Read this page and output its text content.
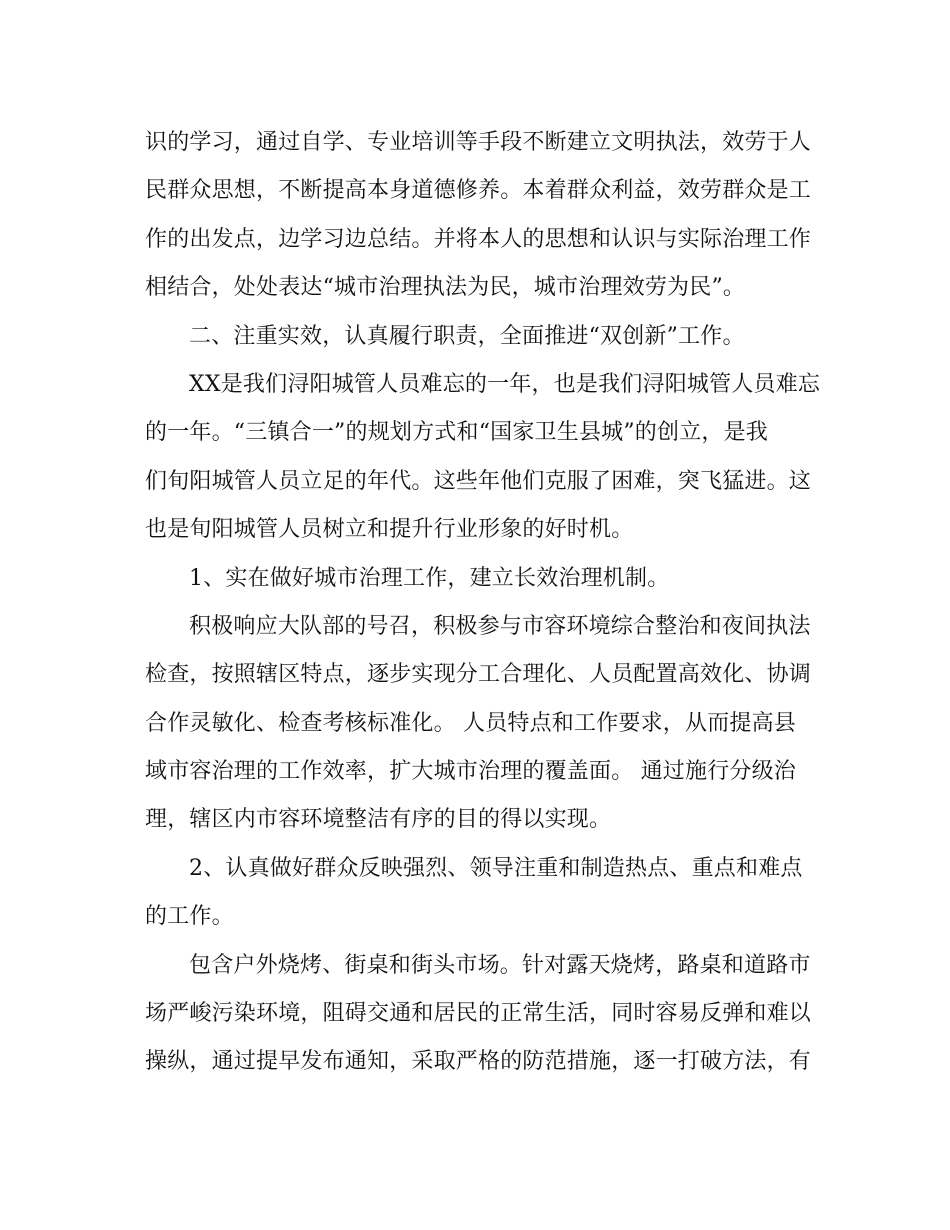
识的学习，通过自学、专业培训等手段不断建立文明执法，效劳于人
民群众思想，不断提高本身道德修养。本着群众利益，效劳群众是工
作的出发点，边学习边总结。并将本人的思想和认识与实际治理工作
相结合，处处表达“城市治理执法为民，城市治理效劳为民”。
二、注重实效，认真履行职责，全面推进“双创新”工作。
XX是我们浔阳城管人员难忘的一年，也是我们浔阳城管人员难忘
的一年。“三镇合一”的规划方式和“国家卫生县城”的创立，是我
们旬阳城管人员立足的年代。这些年他们克服了困难，突飞猛进。这
也是旬阳城管人员树立和提升行业形象的好时机。
1、实在做好城市治理工作，建立长效治理机制。
积极响应大队部的号召，积极参与市容环境综合整治和夜间执法
检查，按照辖区特点，逐步实现分工合理化、人员配置高效化、协调
合作灵敏化、检查考核标准化。 人员特点和工作要求，从而提高县
域市容治理的工作效率，扩大城市治理的覆盖面。 通过施行分级治
理，辖区内市容环境整洁有序的目的得以实现。
2、认真做好群众反映强烈、领导注重和制造热点、重点和难点
的工作。
包含户外烧烤、街桌和街头市场。针对露天烧烤，路桌和道路市
场严峻污染环境，阻碍交通和居民的正常生活，同时容易反弹和难以
操纵，通过提早发布通知，采取严格的防范措施，逐一打破方法，有
